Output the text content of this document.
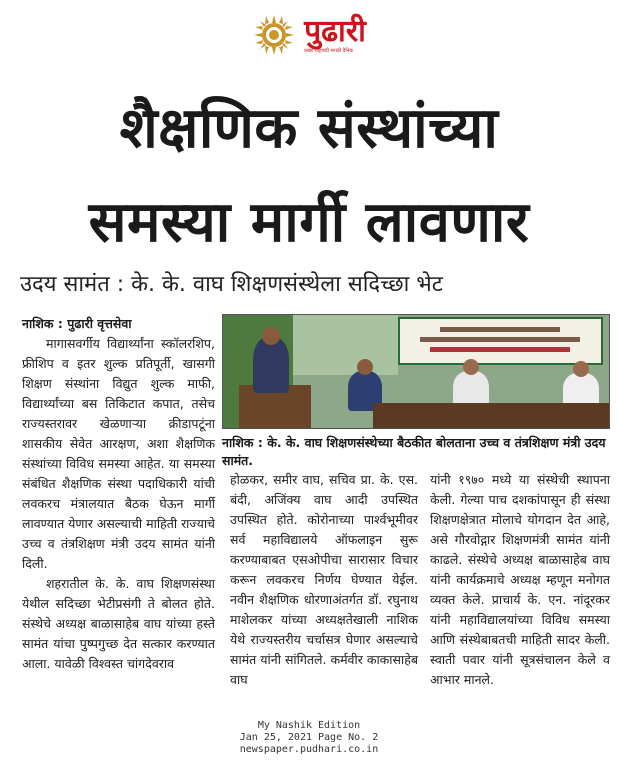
पुढारी
प्रखर राष्ट्रवादी मराठी दैनिक
शैक्षणिक संस्थांच्या
समस्या मार्गी लावणार
उदय सामंत : के. के. वाघ शिक्षणसंस्थेला सदिच्छा भेट
नाशिक : पुढारी वृत्तसेवा

मागासवर्गीय विद्यार्थ्यांना स्कॉलरशिप, फ्रीशिप व इतर शुल्क प्रतिपूर्ती, खासगी शिक्षण संस्थांना विद्युत शुल्क माफी, विद्यार्थ्यांच्या बस तिकिटात कपात, तसेच राज्यस्तरावर खेळणाऱ्या क्रीडापटूंना शासकीय सेवेत आरक्षण, अशा शैक्षणिक संस्थांच्या विविध समस्या आहेत. या समस्या संबंधित शैक्षणिक संस्था पदाधिकारी यांची लवकरच मंत्रालयात बैठक घेऊन मार्गी लावण्यात येणार असल्याची माहिती राज्याचे उच्च व तंत्रशिक्षण मंत्री उदय सामंत यांनी दिली.

शहरातील के. के. वाघ शिक्षणसंस्था येथील सदिच्छा भेटीप्रसंगी ते बोलत होते. संस्थेचे अध्यक्ष बाळासाहेब वाघ यांच्या हस्ते सामंत यांचा पुष्पगुच्छ देत सत्कार करण्यात आला. यावेळी विश्वस्त चांगदेवराव

नाशिक : के. के. वाघ शिक्षणसंस्थेच्या बैठकीत बोलताना उच्च व तंत्रशिक्षण मंत्री उदय सामंत.

होळकर, समीर वाघ, सचिव प्रा. के. एस. बंदी, अजिंक्य वाघ आदी उपस्थित उपस्थित होते. कोरोनाच्या पार्श्वभूमीवर सर्व महाविद्यालये ऑफलाइन सुरू करण्याबाबत एसओपीचा सारासार विचार करून लवकरच निर्णय घेण्यात येईल. नवीन शैक्षणिक धोरणाअंतर्गत डॉ. रघुनाथ माशेलकर यांच्या अध्यक्षतेखाली नाशिक येथे राज्यस्तरीय चर्चासत्र घेणार असल्याचे सामंत यांनी सांगितले. कर्मवीर काकासाहेब वाघ

यांनी १९७० मध्ये या संस्थेची स्थापना केली. गेल्या पाच दशकांपासून ही संस्था शिक्षणक्षेत्रात मोलाचे योगदान देत आहे, असे गौरवोद्गार शिक्षणमंत्री सामंत यांनी काढले. संस्थेचे अध्यक्ष बाळासाहेब वाघ यांनी कार्यक्रमाचे अध्यक्ष म्हणून मनोगत व्यक्त केले. प्राचार्य के. एन. नांदूरकर यांनी महाविद्यालयांच्या विविध समस्या आणि संस्थेबाबतची माहिती सादर केली. स्वाती पवार यांनी सूत्रसंचालन केले व आभार मानले.

My Nashik Edition
Jan 25, 2021 Page No. 2
newspaper.pudhari.co.in
